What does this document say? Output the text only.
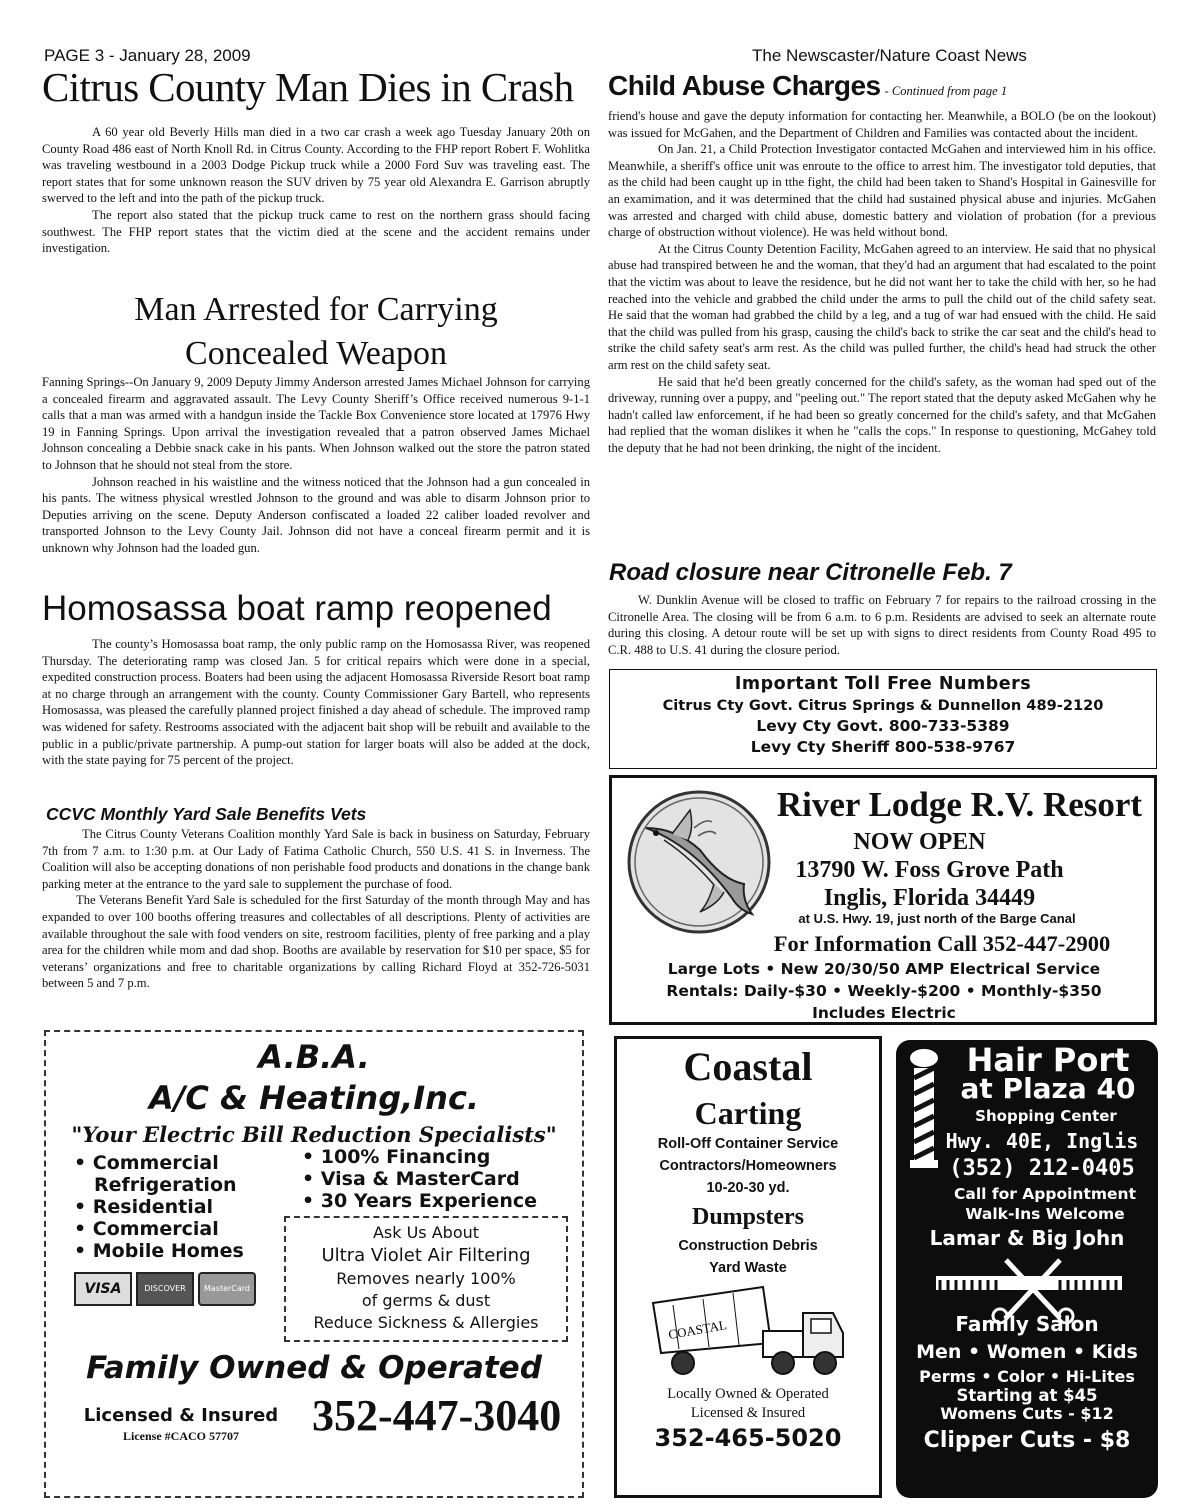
PAGE 3 - January 28, 2009	The Newscaster/Nature Coast News
Citrus County Man Dies in Crash

A 60 year old Beverly Hills man died in a two car crash a week ago Tuesday January 20th on County Road 486 east of North Knoll Rd. in Citrus County. According to the FHP report Robert F. Wohlitka was traveling westbound in a 2003 Dodge Pickup truck while a 2000 Ford Suv was traveling east. The report states that for some unknown reason the SUV driven by 75 year old Alexandra E. Garrison abruptly swerved to the left and into the path of the pickup truck.

The report also stated that the pickup truck came to rest on the northern grass should facing southwest. The FHP report states that the victim died at the scene and the accident remains under investigation.

Man Arrested for Carrying
Concealed Weapon

Fanning Springs--On January 9, 2009 Deputy Jimmy Anderson arrested James Michael Johnson for carrying a concealed firearm and aggravated assault. The Levy County Sheriff’s Office received numerous 9-1-1 calls that a man was armed with a handgun inside the Tackle Box Convenience store located at 17976 Hwy 19 in Fanning Springs. Upon arrival the investigation revealed that a patron observed James Michael Johnson concealing a Debbie snack cake in his pants. When Johnson walked out the store the patron stated to Johnson that he should not steal from the store.

Johnson reached in his waistline and the witness noticed that the Johnson had a gun concealed in his pants. The witness physical wrestled Johnson to the ground and was able to disarm Johnson prior to Deputies arriving on the scene. Deputy Anderson confiscated a loaded 22 caliber loaded revolver and transported Johnson to the Levy County Jail. Johnson did not have a conceal firearm permit and it is unknown why Johnson had the loaded gun.

Homosassa boat ramp reopened

The county’s Homosassa boat ramp, the only public ramp on the Homosassa River, was reopened Thursday. The deteriorating ramp was closed Jan. 5 for critical repairs which were done in a special, expedited construction process. Boaters had been using the adjacent Homosassa Riverside Resort boat ramp at no charge through an arrangement with the county. County Commissioner Gary Bartell, who represents Homosassa, was pleased the carefully planned project finished a day ahead of schedule. The improved ramp was widened for safety. Restrooms associated with the adjacent bait shop will be rebuilt and available to the public in a public/private partnership. A pump-out station for larger boats will also be added at the dock, with the state paying for 75 percent of the project.

CCVC Monthly Yard Sale Benefits Vets

The Citrus County Veterans Coalition monthly Yard Sale is back in business on Saturday, February 7th from 7 a.m. to 1:30 p.m. at Our Lady of Fatima Catholic Church, 550 U.S. 41 S. in Inverness. The Coalition will also be accepting donations of non perishable food products and donations in the change bank parking meter at the entrance to the yard sale to supplement the purchase of food.

The Veterans Benefit Yard Sale is scheduled for the first Saturday of the month through May and has expanded to over 100 booths offering treasures and collectables of all descriptions. Plenty of activities are available throughout the sale with food venders on site, restroom facilities, plenty of free parking and a play area for the children while mom and dad shop. Booths are available by reservation for $10 per space, $5 for veterans’ organizations and free to charitable organizations by calling Richard Floyd at 352-726-5031 between 5 and 7 p.m.

Child Abuse Charges - Continued from page 1

friend's house and gave the deputy information for contacting her. Meanwhile, a BOLO (be on the lookout) was issued for McGahen, and the Department of Children and Families was contacted about the incident.

On Jan. 21, a Child Protection Investigator contacted McGahen and interviewed him in his office. Meanwhile, a sheriff's office unit was enroute to the office to arrest him. The investigator told deputies, that as the child had been caught up in tthe fight, the child had been taken to Shand's Hospital in Gainesville for an examimation, and it was determined that the child had sustained physical abuse and injuries. McGahen was arrested and charged with child abuse, domestic battery and violation of probation (for a previous charge of obstruction without violence). He was held without bond.

At the Citrus County Detention Facility, McGahen agreed to an interview. He said that no physical abuse had transpired between he and the woman, that they'd had an argument that had escalated to the point that the victim was about to leave the residence, but he did not want her to take the child with her, so he had reached into the vehicle and grabbed the child under the arms to pull the child out of the child safety seat. He said that the woman had grabbed the child by a leg, and a tug of war had ensued with the child. He said that the child was pulled from his grasp, causing the child's back to strike the car seat and the child's head to strike the child safety seat's arm rest. As the child was pulled further, the child's head had struck the other arm rest on the child safety seat.

He said that he'd been greatly concerned for the child's safety, as the woman had sped out of the driveway, running over a puppy, and "peeling out." The report stated that the deputy asked McGahen why he hadn't called law enforcement, if he had been so greatly concerned for the child's safety, and that McGahen had replied that the woman dislikes it when he "calls the cops." In response to questioning, McGahey told the deputy that he had not been drinking, the night of the incident.

Road closure near Citronelle Feb. 7

W. Dunklin Avenue will be closed to traffic on February 7 for repairs to the railroad crossing in the Citronelle Area. The closing will be from 6 a.m. to 6 p.m. Residents are advised to seek an alternate route during this closing. A detour route will be set up with signs to direct residents from County Road 495 to C.R. 488 to U.S. 41 during the closure period.

Important Toll Free Numbers
Citrus Cty Govt. Citrus Springs & Dunnellon 489-2120
Levy Cty Govt. 800-733-5389
Levy Cty Sheriff 800-538-9767
River Lodge R.V. Resort
NOW OPEN
13790 W. Foss Grove Path
Inglis, Florida 34449
at U.S. Hwy. 19, just north of the Barge Canal
For Information Call 352-447-2900
Large Lots • New 20/30/50 AMP Electrical Service
Rentals: Daily-$30 • Weekly-$200 • Monthly-$350
Includes Electric
A.B.A.
A/C & Heating,Inc.
"Your Electric Bill Reduction Specialists"
• Commercial
Refrigeration
• Residential
• Commercial
• Mobile Homes
• 100% Financing
• Visa & MasterCard
• 30 Years Experience
VISA	DISCOVER	MasterCard
Ask Us About
Ultra Violet Air Filtering
Removes nearly 100%
of germs & dust
Reduce Sickness & Allergies
Family Owned & Operated
Licensed & Insured
License #CACO 57707	352-447-3040
Coastal
Carting
Roll-Off Container Service
Contractors/Homeowners
10-20-30 yd.
Dumpsters
Construction Debris
Yard Waste
COASTAL
Locally Owned & Operated
Licensed & Insured
352-465-5020
Hair Port
at Plaza 40
Shopping Center
Hwy. 40E, Inglis
(352) 212-0405
Call for Appointment
Walk-Ins Welcome
Lamar & Big John
Family Salon
Men • Women • Kids
Perms • Color • Hi-Lites
Starting at $45
Womens Cuts - $12
Clipper Cuts - $8
